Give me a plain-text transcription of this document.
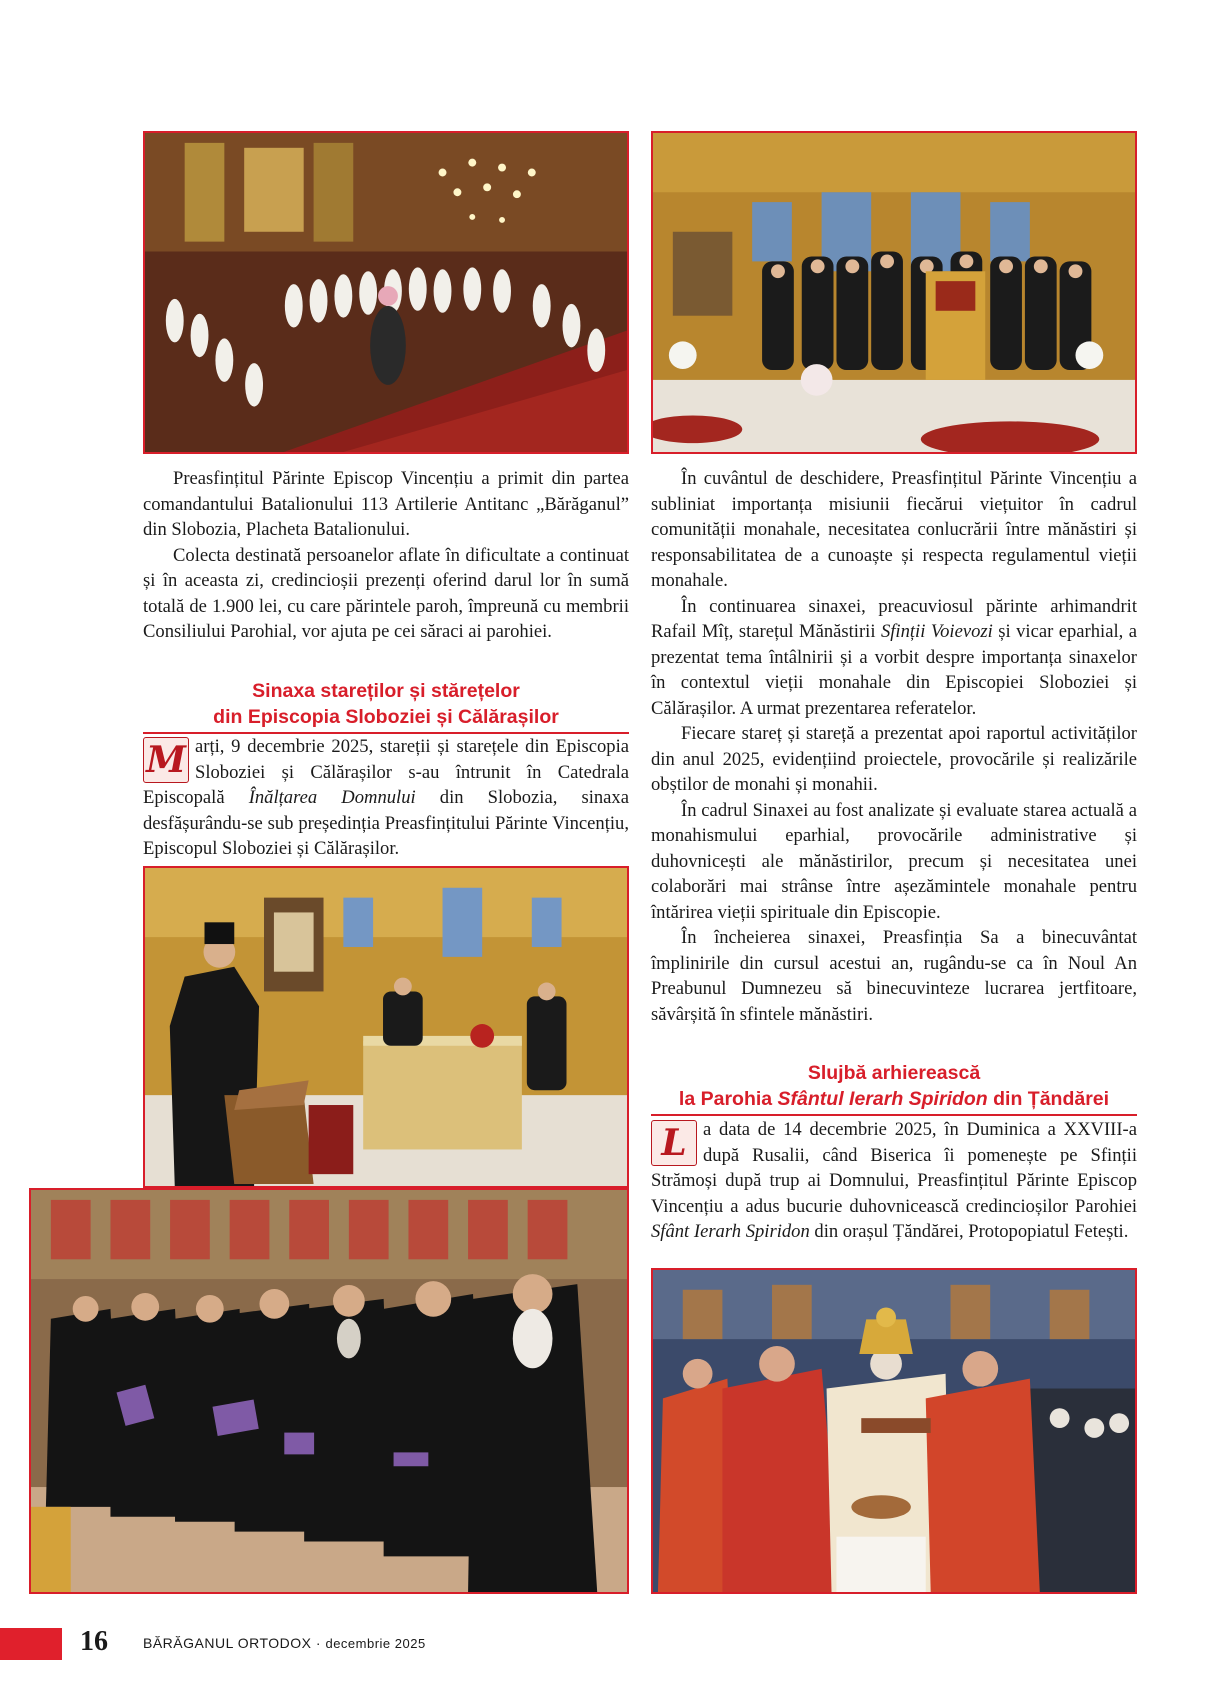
Preasfințitul Părinte Episcop Vincențiu a primit din partea comandantului Batalionului 113 Artilerie Antitanc „Bărăganul” din Slobozia, Placheta Batalionului.

Colecta destinată persoanelor aflate în dificultate a continuat și în aceasta zi, credincioșii prezenți oferind darul lor în sumă totală de 1.900 lei, cu care părintele paroh, împreună cu membrii Consiliului Parohial, vor ajuta pe cei săraci ai parohiei.

Sinaxa stareților și stărețelor
din Episcopia Sloboziei și Călărașilor

M arți, 9 decembrie 2025, stareții și starețele din Episcopia Sloboziei și Călărașilor s-au întrunit în Catedrala Episcopală Înălțarea Domnului din Slobozia, sinaxa desfășurându-se sub președinția Preasfințitului Părinte Vincențiu, Episcopul Sloboziei și Călărașilor.

În cuvântul de deschidere, Preasfințitul Părinte Vincențiu a subliniat importanța misiunii fiecărui viețuitor în cadrul comunității monahale, necesitatea conlucrării între mănăstiri și responsabilitatea de a cunoaște și respecta regulamentul vieții monahale.

În continuarea sinaxei, preacuviosul părinte arhimandrit Rafail Mîț, starețul Mănăstirii Sfinții Voievozi și vicar eparhial, a prezentat tema întâlnirii și a vorbit despre importanța sinaxelor în contextul vieții monahale din Episcopiei Sloboziei și Călărașilor. A urmat prezentarea referatelor.

Fiecare stareț și stareță a prezentat apoi raportul activităților din anul 2025, evidențiind proiectele, provocările și realizările obștilor de monahi și monahii.

În cadrul Sinaxei au fost analizate și evaluate starea actuală a monahismului eparhial, provocările administrative și duhovnicești ale mănăstirilor, precum și necesitatea unei colaborări mai strânse între așezămintele monahale pentru întărirea vieții spirituale din Episcopie.

În încheierea sinaxei, Preasfinția Sa a binecuvântat împlinirile din cursul acestui an, rugându-se ca în Noul An Preabunul Dumnezeu să binecuvinteze lucrarea jertfitoare, săvârșită în sfintele mănăstiri.

Slujbă arhierească
la Parohia Sfântul Ierarh Spiridon din Țăndărei

L a data de 14 decembrie 2025, în Duminica a XXVIII-a după Rusalii, când Biserica îi pomenește pe Sfinții Strămoși după trup ai Domnului, Preasfințitul Părinte Episcop Vincențiu a adus bucurie duhovnicească credincioșilor Parohiei Sfânt Ierarh Spiridon din orașul Țăndărei, Protopopiatul Fetești.

16	BĂRĂGANUL ORTODOX · decembrie 2025
